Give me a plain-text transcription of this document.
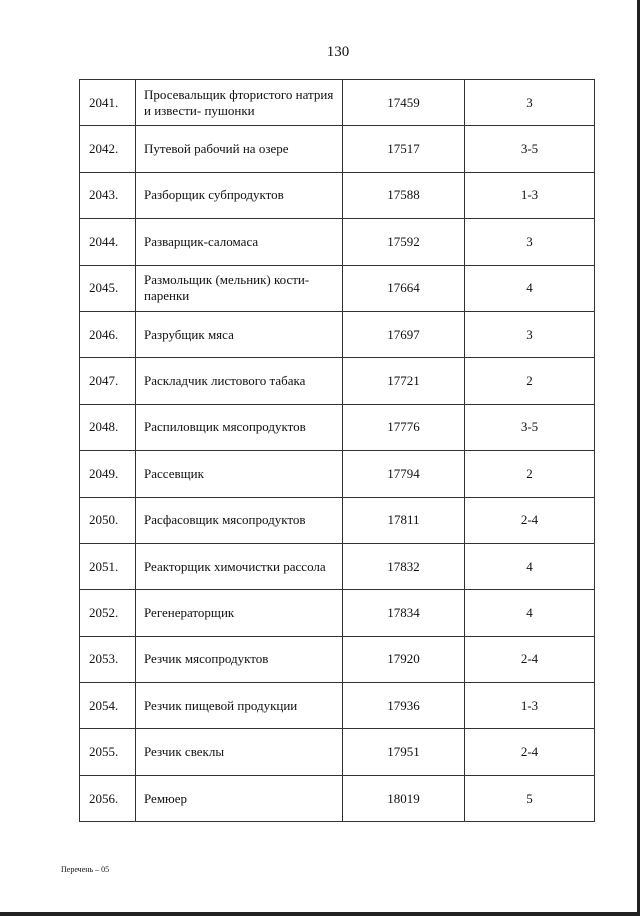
130
2041.	Просевальщик фтористого натрия и извести- пушонки	17459	3
2042.	Путевой рабочий на озере	17517	3-5
2043.	Разборщик субпродуктов	17588	1-3
2044.	Разварщик-саломаса	17592	3
2045.	Размольщик (мельник) кости-паренки	17664	4
2046.	Разрубщик мяса	17697	3
2047.	Раскладчик листового табака	17721	2
2048.	Распиловщик мясопродуктов	17776	3-5
2049.	Рассевщик	17794	2
2050.	Расфасовщик мясопродуктов	17811	2-4
2051.	Реакторщик химочистки рассола	17832	4
2052.	Регенераторщик	17834	4
2053.	Резчик мясопродуктов	17920	2-4
2054.	Резчик пищевой продукции	17936	1-3
2055.	Резчик свеклы	17951	2-4
2056.	Ремюер	18019	5
Перечень – 05
